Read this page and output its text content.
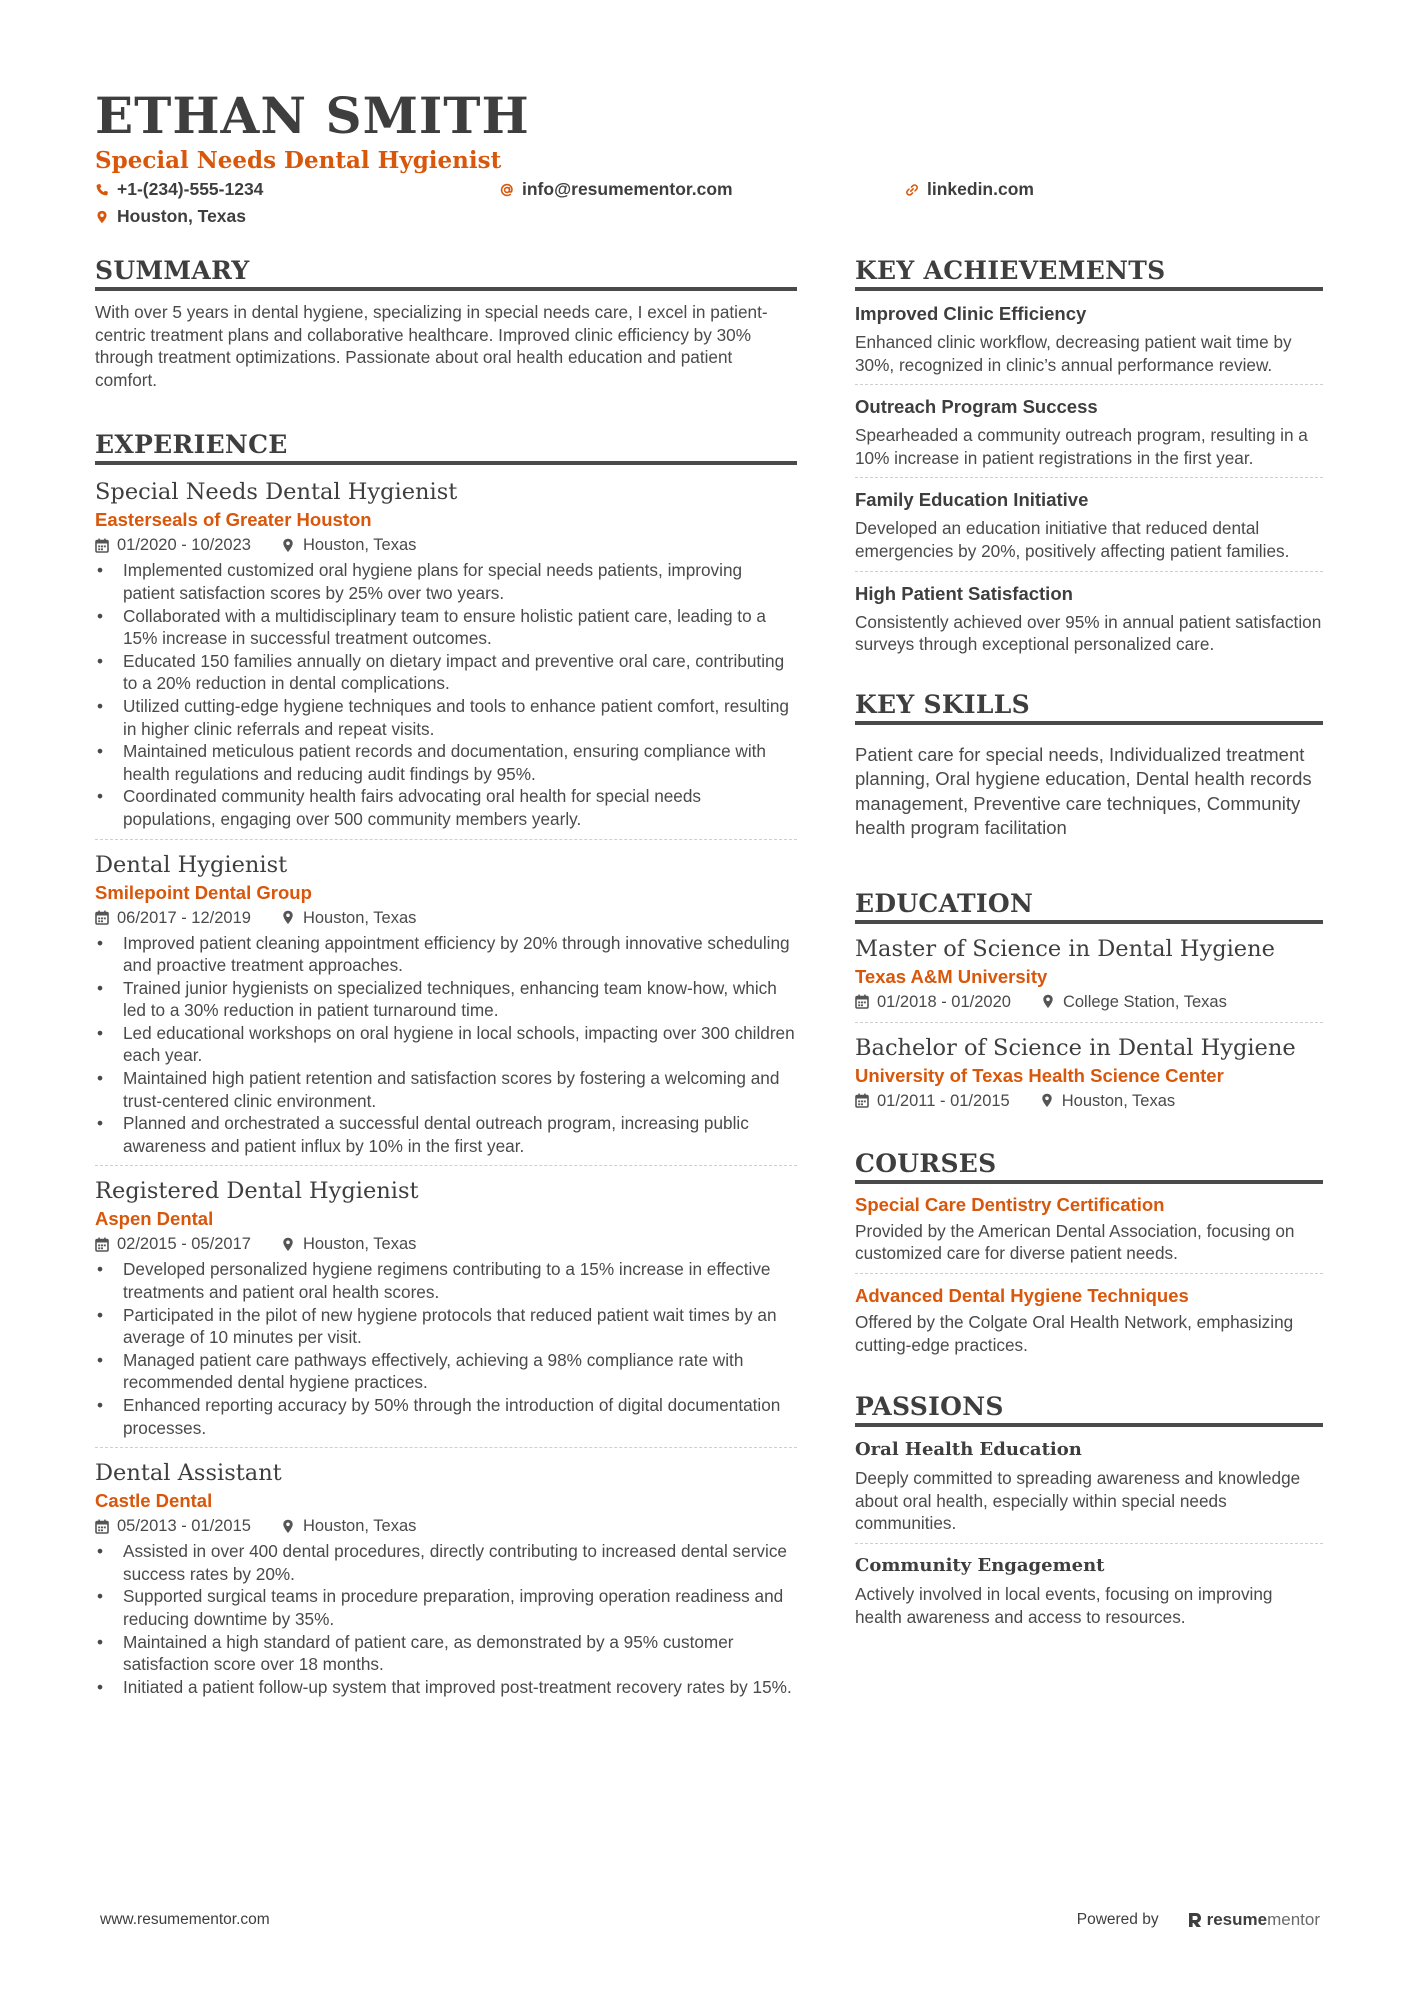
ETHAN SMITH
Special Needs Dental Hygienist
+1-(234)-555-1234	info@resumementor.com	linkedin.com
Houston, Texas
SUMMARY

With over 5 years in dental hygiene, specializing in special needs care, I excel in patient-centric treatment plans and collaborative healthcare. Improved clinic efficiency by 30% through treatment optimizations. Passionate about oral health education and patient comfort.

EXPERIENCE
Special Needs Dental Hygienist
Easterseals of Greater Houston
01/2020 - 10/2023	Houston, Texas
• Implemented customized oral hygiene plans for special needs patients, improving patient satisfaction scores by 25% over two years.
• Collaborated with a multidisciplinary team to ensure holistic patient care, leading to a 15% increase in successful treatment outcomes.
• Educated 150 families annually on dietary impact and preventive oral care, contributing to a 20% reduction in dental complications.
• Utilized cutting-edge hygiene techniques and tools to enhance patient comfort, resulting in higher clinic referrals and repeat visits.
• Maintained meticulous patient records and documentation, ensuring compliance with health regulations and reducing audit findings by 95%.
• Coordinated community health fairs advocating oral health for special needs populations, engaging over 500 community members yearly.
Dental Hygienist
Smilepoint Dental Group
06/2017 - 12/2019	Houston, Texas
• Improved patient cleaning appointment efficiency by 20% through innovative scheduling and proactive treatment approaches.
• Trained junior hygienists on specialized techniques, enhancing team know-how, which led to a 30% reduction in patient turnaround time.
• Led educational workshops on oral hygiene in local schools, impacting over 300 children each year.
• Maintained high patient retention and satisfaction scores by fostering a welcoming and trust-centered clinic environment.
• Planned and orchestrated a successful dental outreach program, increasing public awareness and patient influx by 10% in the first year.
Registered Dental Hygienist
Aspen Dental
02/2015 - 05/2017	Houston, Texas
• Developed personalized hygiene regimens contributing to a 15% increase in effective treatments and patient oral health scores.
• Participated in the pilot of new hygiene protocols that reduced patient wait times by an average of 10 minutes per visit.
• Managed patient care pathways effectively, achieving a 98% compliance rate with recommended dental hygiene practices.
• Enhanced reporting accuracy by 50% through the introduction of digital documentation processes.
Dental Assistant
Castle Dental
05/2013 - 01/2015	Houston, Texas
• Assisted in over 400 dental procedures, directly contributing to increased dental service success rates by 20%.
• Supported surgical teams in procedure preparation, improving operation readiness and reducing downtime by 35%.
• Maintained a high standard of patient care, as demonstrated by a 95% customer satisfaction score over 18 months.
• Initiated a patient follow-up system that improved post-treatment recovery rates by 15%.
KEY ACHIEVEMENTS
Improved Clinic Efficiency

Enhanced clinic workflow, decreasing patient wait time by 30%, recognized in clinic’s annual performance review.

Outreach Program Success

Spearheaded a community outreach program, resulting in a 10% increase in patient registrations in the first year.

Family Education Initiative

Developed an education initiative that reduced dental emergencies by 20%, positively affecting patient families.

High Patient Satisfaction

Consistently achieved over 95% in annual patient satisfaction surveys through exceptional personalized care.

KEY SKILLS

Patient care for special needs, Individualized treatment planning, Oral hygiene education, Dental health records management, Preventive care techniques, Community health program facilitation

EDUCATION
Master of Science in Dental Hygiene
Texas A&M University
01/2018 - 01/2020	College Station, Texas
Bachelor of Science in Dental Hygiene
University of Texas Health Science Center
01/2011 - 01/2015	Houston, Texas
COURSES
Special Care Dentistry Certification

Provided by the American Dental Association, focusing on customized care for diverse patient needs.

Advanced Dental Hygiene Techniques

Offered by the Colgate Oral Health Network, emphasizing cutting-edge practices.

PASSIONS
Oral Health Education

Deeply committed to spreading awareness and knowledge about oral health, especially within special needs communities.

Community Engagement

Actively involved in local events, focusing on improving health awareness and access to resources.

www.resumementor.com	Powered by	resume mentor
